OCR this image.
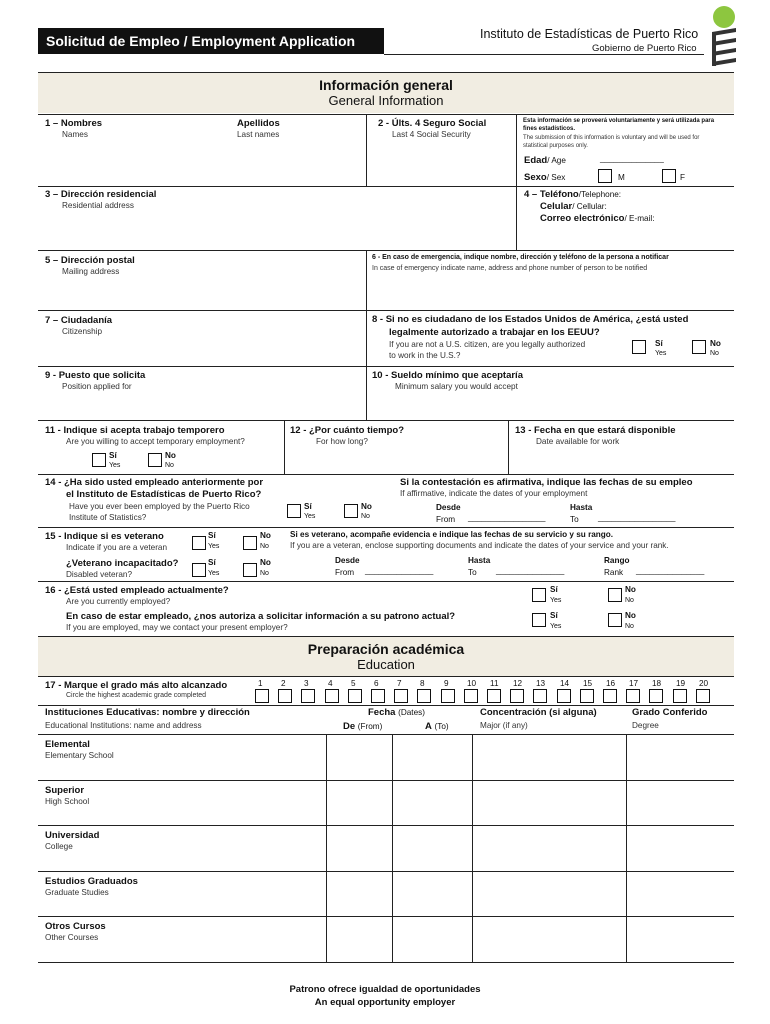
Solicitud de Empleo / Employment Application	Instituto de Estadísticas de Puerto Rico
Gobierno de Puerto Rico
Información general
General Information
1 – Nombres
Names
Apellidos
Last names
2 - Últs. 4 Seguro Social
Last 4 Social Security
Esta información se proveerá voluntariamente y será utilizada para fines estadísticos.
The submission of this information is voluntary and will be used for statistical purposes only.
Edad/ Age	______________
Sexo/ Sex	M	F
3 – Dirección residencial
Residential address
4 – Teléfono/Telephone:
Celular/ Cellular:
Correo electrónico/ E-mail:
5 – Dirección postal
Mailing address
6 - En caso de emergencia, indique nombre, dirección y teléfono de la persona a notificar
In case of emergency indicate name, address and phone number of person to be notified
7 – Ciudadanía
Citizenship
8 - Si no es ciudadano de los Estados Unidos de América, ¿está usted
legalmente autorizado a trabajar en los EEUU?
If you are not a U.S. citizen, are you legally authorized
to work in the U.S.?
Sí
Yes
No
No
9 - Puesto que solicita
Position applied for
10 - Sueldo mínimo que aceptaría
Minimum salary you would accept
11 - Indique si acepta trabajo temporero
Are you willing to accept temporary employment?
Sí
Yes
No
No
12 - ¿Por cuánto tiempo?
For how long?
13 - Fecha en que estará disponible
Date available for work
14 - ¿Ha sido usted empleado anteriormente por
el Instituto de Estadísticas de Puerto Rico?
Have you ever been employed by the Puerto Rico
Institute of Statistics?
Sí
Yes
No
No
Si la contestación es afirmativa, indique las fechas de su empleo
If affirmative, indicate the dates of your employment
Desde
From _________________
Hasta
To _________________
15 - Indique si es veterano
Indicate if you are a veteran
Sí
Yes
No
No
Si es veterano, acompañe evidencia e indique las fechas de su servicio y su rango.
If you are a veteran, enclose supporting documents and indicate the dates of your service and your rank.
¿Veterano incapacitado?
Disabled veteran?
Sí
Yes
No
No
Desde
From _______________
Hasta
To _______________
Rango
Rank _______________
16 - ¿Está usted empleado actualmente?
Are you currently employed?
Sí
Yes
No
No
En caso de estar empleado, ¿nos autoriza a solicitar información a su patrono actual?
If you are employed, may we contact your present employer?
Sí
Yes
No
No
Preparación académica
Education
17 - Marque el grado más alto alcanzado
Circle the highest academic grade completed
1 2 3 4 5 6 7 8 9 10 11 12 13 14 15 16 17 18 19 20
Instituciones Educativas: nombre y dirección
Educational Institutions: name and address
Fecha (Dates)
De (From)	A (To)
Concentración (si alguna)
Major (if any)
Grado Conferido
Degree
Elemental
Elementary School
Superior
High School
Universidad
College
Estudios Graduados
Graduate Studies
Otros Cursos
Other Courses
Patrono ofrece igualdad de oportunidades
An equal opportunity employer
